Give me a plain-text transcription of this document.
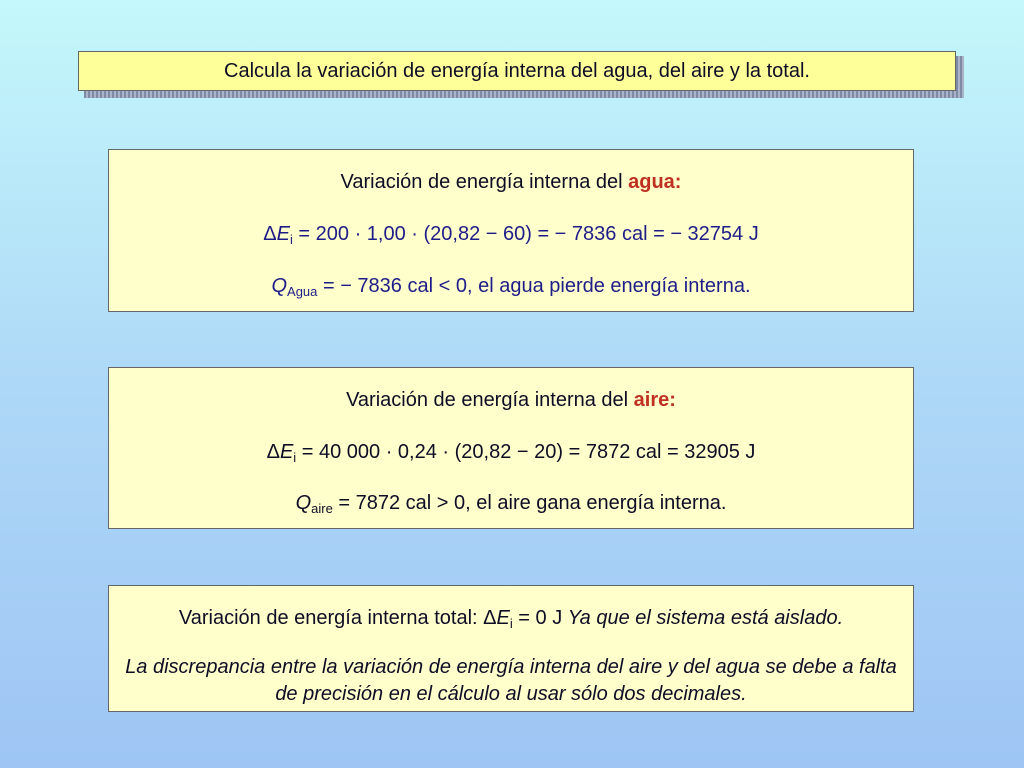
Calcula la variación de energía interna del agua, del aire y la total.
Variación de energía interna del agua:
$\Delta E_i = 200 \cdot 1,00 \cdot (20,82 - 60)$ = − 7836 cal = − 32754 J
$Q_{Agua}$ = − 7836 cal < 0, el agua pierde energía interna.
Variación de energía interna del aire:
$\Delta E_i = 40$ 000 · 0,24 · (20,82 − 20) = 7872 cal = 32905 J
$Q_{aire} = 7872$ cal > 0, el aire gana energía interna.
Variación de energía interna total: $\Delta E_i = 0$ J Ya que el sistema está aislado.
La discrepancia entre la variación de energía interna del aire y del agua se debe a falta de precisión en el cálculo al usar sólo dos decimales.
